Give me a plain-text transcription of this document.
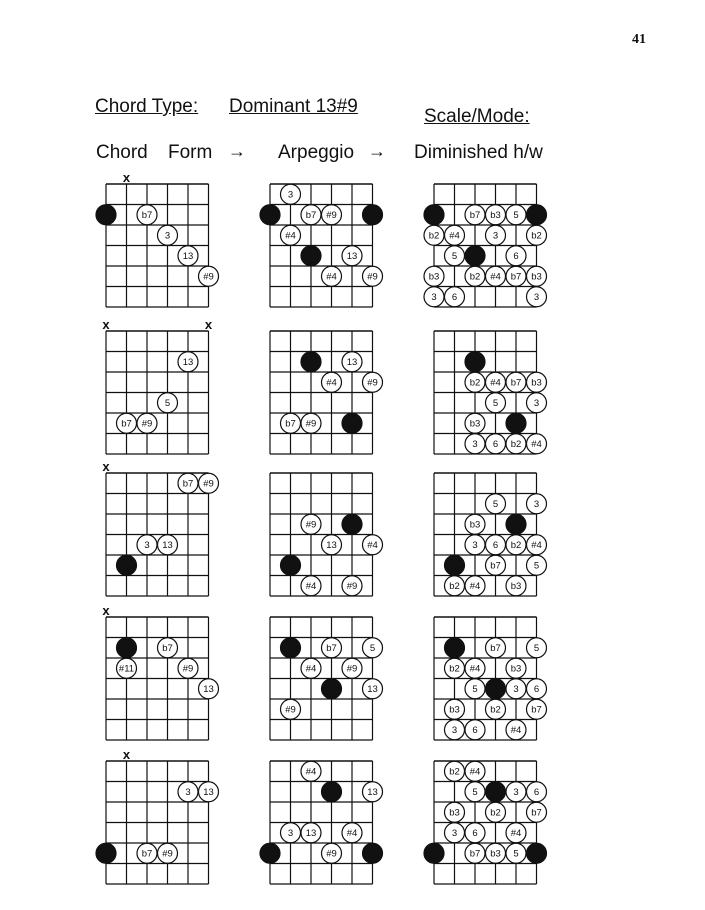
41
Chord Type: Dominant 13#9	Scale/Mode:
Chord Form → Arpeggio → Diminished h/w
x
b7
3
13
#9
3
b7 #9
#4
13
#4	#9
b7 b3 5
b2 #4	3	b2
5	6
b3	b2 #4 b7 b3
3 6	3
x	x
13
5
b7 #9
13
#4	#9
b7 #9
b2 #4 b7 b3
5	3
b3
3 6 b2 #4
x
b7 #9
3 13
#9
13	#4
#4	#9
5	3
b3
3 6 b2 #4
b7	5
b2 #4	b3
x
b7
#11	#9
13
b7	5
#4	#9
13
#9
b7	5
b2 #4	b3
5	3 6
b3	b2	b7
3 6	#4
x
3 13
b7 #9
#4
13
3 13	#4
#9
b2 #4
5	3 6
b3	b2	b7
3 6	#4
b7 b3 5
